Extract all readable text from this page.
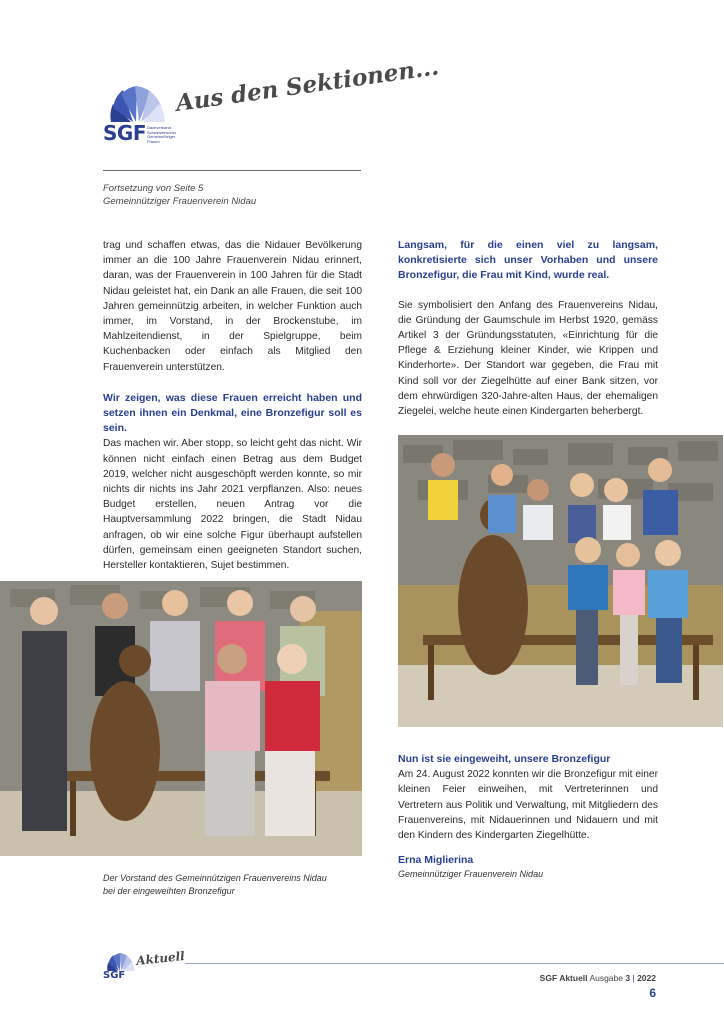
SGF Dachverband
Schweizerischer
Gemeinnütziger
Frauen
Aus den Sektionen...
Fortsetzung von Seite 5
Gemeinnütziger Frauenverein Nidau

trag und schaffen etwas, das die Nidauer Bevölkerung immer an die 100 Jahre Frauenverein Nidau erinnert, daran, was der Frauenverein in 100 Jahren für die Stadt Nidau geleistet hat, ein Dank an alle Frauen, die seit 100 Jahren gemeinnützig arbeiten, in welcher Funktion auch immer, im Vorstand, in der Brockenstube, im Mahlzeitendienst, in der Spielgruppe, beim Kuchenbacken oder einfach als Mitglied den Frauenverein unterstützen.

Wir zeigen, was diese Frauen erreicht haben und setzen ihnen ein Denkmal, eine Bronzefigur soll es sein.

Das machen wir. Aber stopp, so leicht geht das nicht. Wir können nicht einfach einen Betrag aus dem Budget 2019, welcher nicht ausgeschöpft werden konnte, so mir nichts dir nichts ins Jahr 2021 verpflanzen. Also: neues Budget erstellen, neuen Antrag vor die Hauptversammlung 2022 bringen, die Stadt Nidau anfragen, ob wir eine solche Figur überhaupt aufstellen dürfen, gemeinsam einen geeigneten Standort suchen, Hersteller kontaktieren, Sujet bestimmen.

Langsam, für die einen viel zu langsam, konkretisierte sich unser Vorhaben und unsere Bronzefigur, die Frau mit Kind, wurde real.

Sie symbolisiert den Anfang des Frauenvereins Nidau, die Gründung der Gaumschule im Herbst 1920, gemäss Artikel 3 der Gründungsstatuten, «Einrichtung für die Pflege & Erziehung kleiner Kinder, wie Krippen und Kinderhorte». Der Standort war gegeben, die Frau mit Kind soll vor der Ziegelhütte auf einer Bank sitzen, vor dem ehrwürdigen 320-Jahre-alten Haus, der ehemaligen Ziegelei, welche heute einen Kindergarten beherbergt.

Nun ist sie eingeweiht, unsere Bronzefigur

Am 24. August 2022 konnten wir die Bronzefigur mit einer kleinen Feier einweihen, mit Vertreterinnen und Vertretern aus Politik und Verwaltung, mit Mitgliedern des Frauenvereins, mit Nidauerinnen und Nidauern und mit den Kindern des Kindergarten Ziegelhütte.

Erna Miglierina

Gemeinnütziger Frauenverein Nidau

Der Vorstand des Gemeinnützigen Frauenvereins Nidau
bei der eingeweihten Bronzefigur
SGF
Aktuell
SGF Aktuell Ausgabe 3 | 2022
6
